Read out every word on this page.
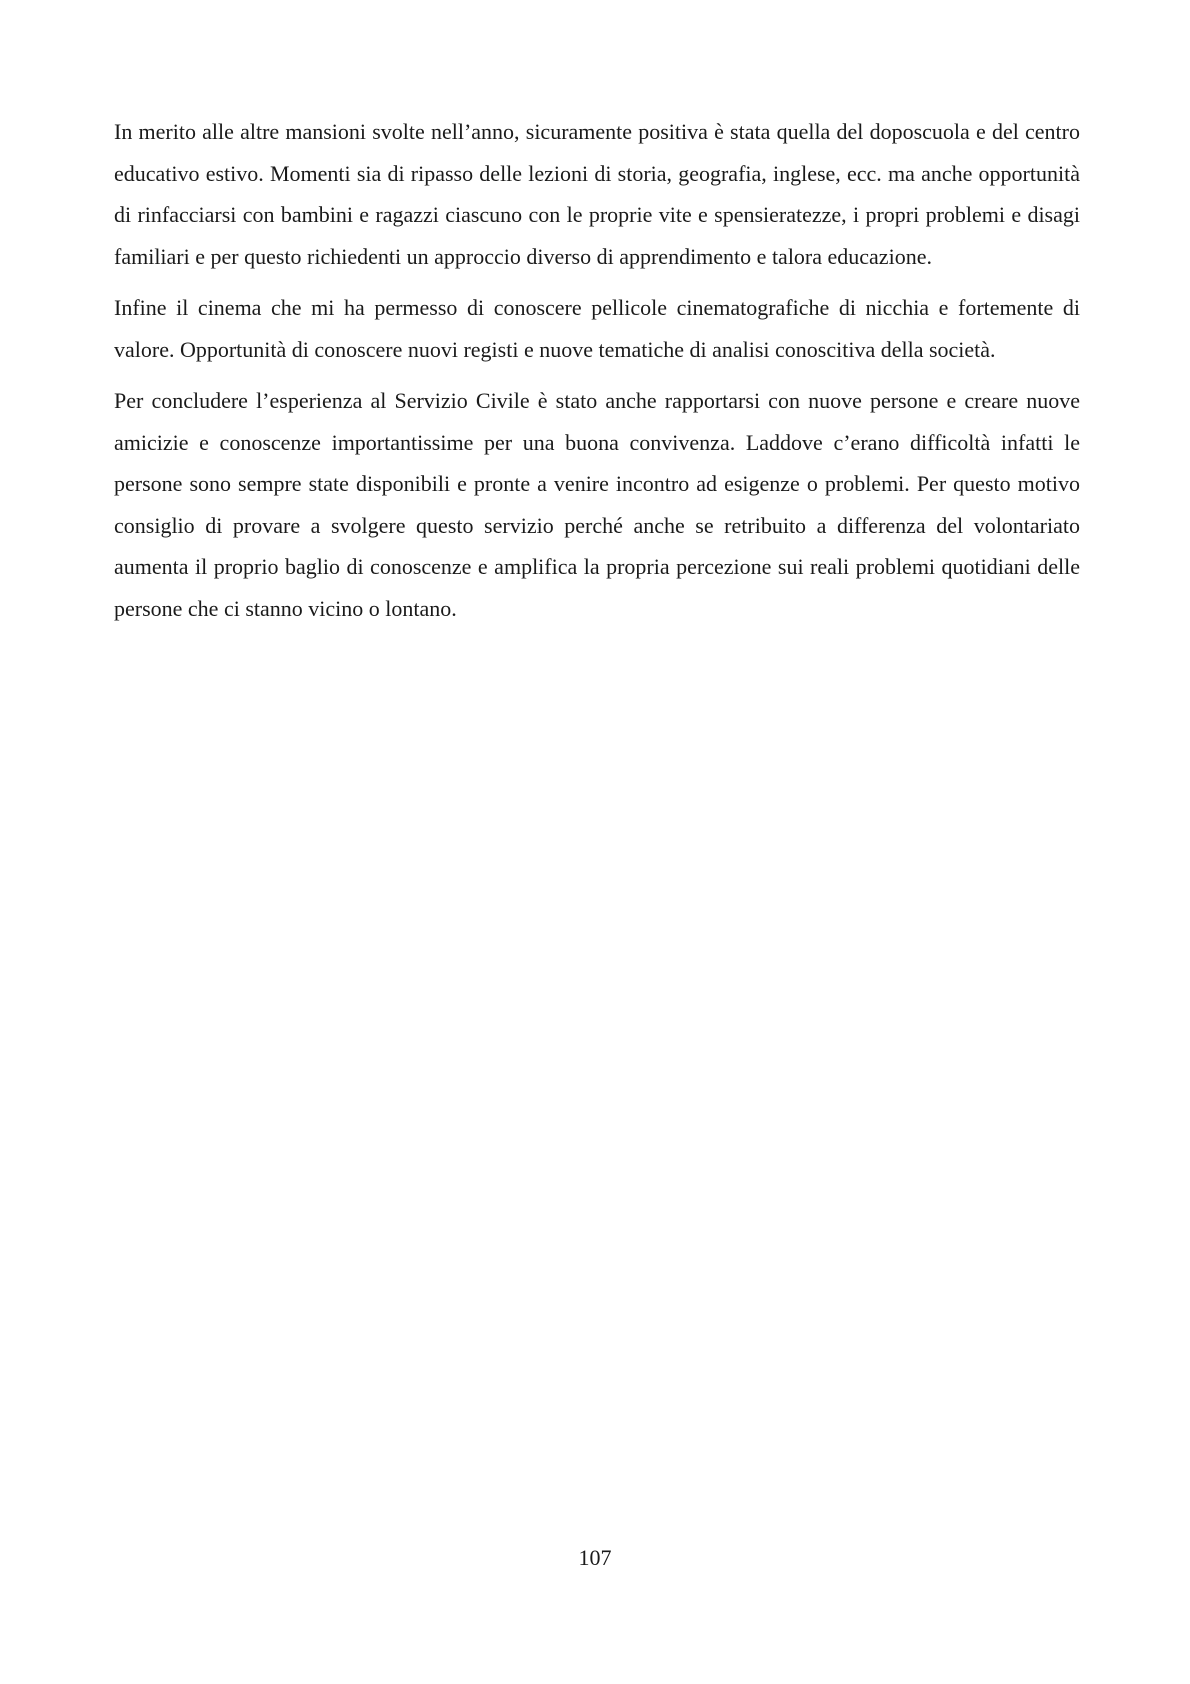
In merito alle altre mansioni svolte nell’anno, sicuramente positiva è stata quella del doposcuola e del centro educativo estivo. Momenti sia di ripasso delle lezioni di storia, geografia, inglese, ecc. ma anche opportunità di rinfacciarsi con bambini e ragazzi ciascuno con le proprie vite e spensieratezze, i propri problemi e disagi familiari e per questo richiedenti un approccio diverso di apprendimento e talora educazione.

Infine il cinema che mi ha permesso di conoscere pellicole cinematografiche di nicchia e fortemente di valore. Opportunità di conoscere nuovi registi e nuove tematiche di analisi conoscitiva della società.

Per concludere l’esperienza al Servizio Civile è stato anche rapportarsi con nuove persone e creare nuove amicizie e conoscenze importantissime per una buona convivenza. Laddove c’erano difficoltà infatti le persone sono sempre state disponibili e pronte a venire incontro ad esigenze o problemi. Per questo motivo consiglio di provare a svolgere questo servizio perché anche se retribuito a differenza del volontariato aumenta il proprio baglio di conoscenze e amplifica la propria percezione sui reali problemi quotidiani delle persone che ci stanno vicino o lontano.

107
